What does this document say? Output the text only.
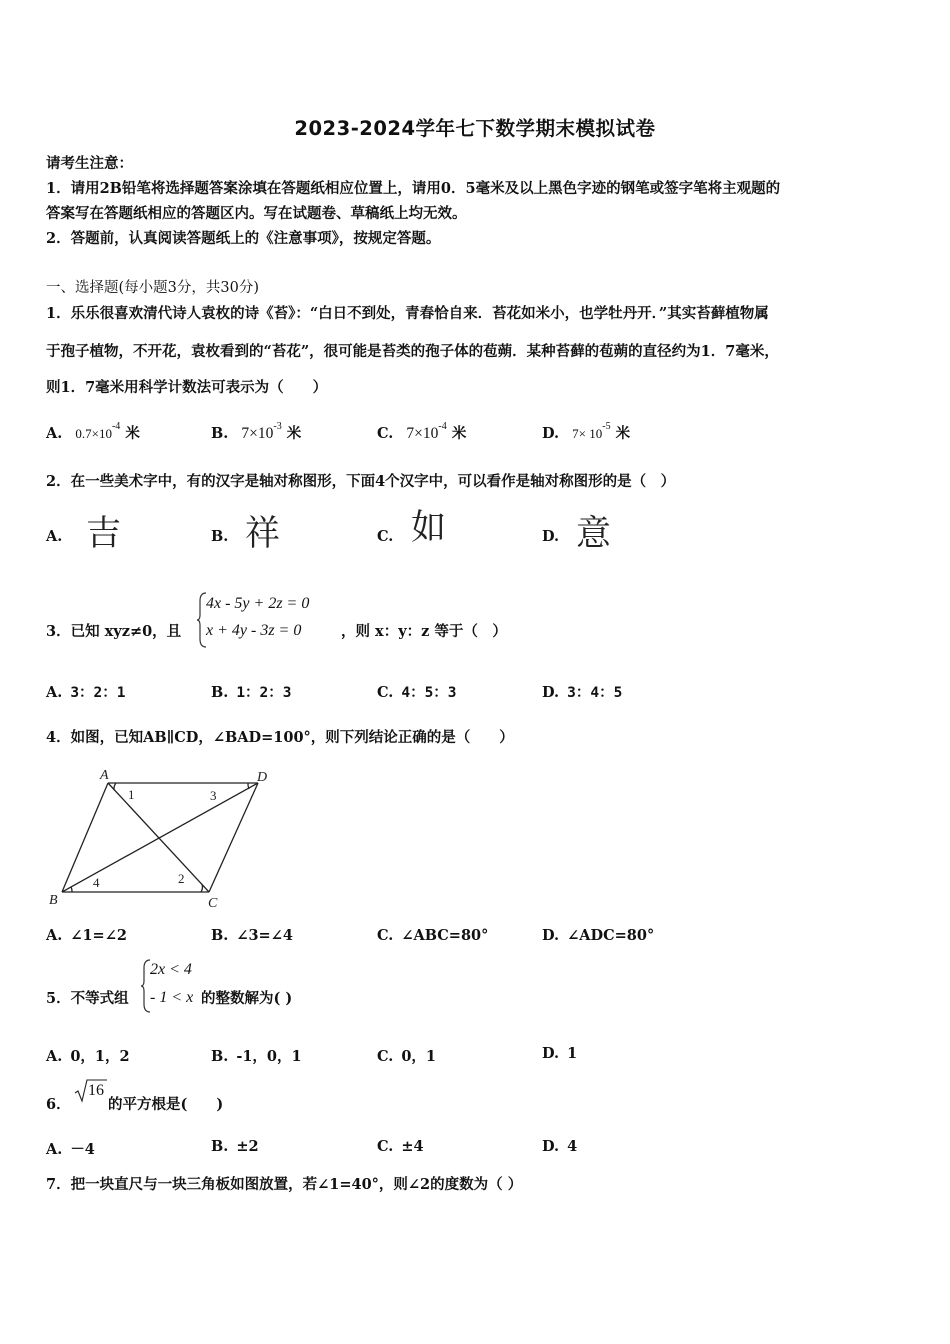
2023-2024学年七下数学期末模拟试卷
请考生注意：
1．请用2B铅笔将选择题答案涂填在答题纸相应位置上，请用0．5毫米及以上黑色字迹的钢笔或签字笔将主观题的
答案写在答题纸相应的答题区内。写在试题卷、草稿纸上均无效。
2．答题前，认真阅读答题纸上的《注意事项》，按规定答题。
一、选择题(每小题3分，共30分)
1．乐乐很喜欢清代诗人袁枚的诗《苔》：“白日不到处，青春恰自来．苔花如米小，也学牡丹开．”其实苔藓植物属
于孢子植物，不开花，袁枚看到的“苔花”，很可能是苔类的孢子体的苞蒴．某种苔藓的苞蒴的直径约为1．7毫米，
则1．7毫米用科学计数法可表示为（　　）
A. $0.7\times 10^{-4}$ 米	B. $7\times 10^{-3}$ 米	C. $7\times 10^{-4}$ 米	D. $7\times 10^{-5}$ 米
2．在一些美术字中，有的汉字是轴对称图形，下面4个汉字中，可以看作是轴对称图形的是（　）
A. 吉	B. 祥	C. 如	D. 意
3．已知 xyz≠0，且
4x - 5y + 2z = 0
x + 4y - 3z = 0	，则 x：y：z 等于（　）
A. 3：2：1	B. 1：2：3	C. 4：5：3	D. 3：4：5
4．如图，已知AB∥CD，∠BAD=100°，则下列结论正确的是（　　）
A	D
B	C
1
2
3
4
A. ∠1=∠2	B. ∠3=∠4	C. ∠ABC=80°	D. ∠ADC=80°
5．不等式组
2x < 4
- 1 < x 的整数解为( )
A. 0，1，2	B. -1，0，1	C. 0，1	D. 1
6．
16
的平方根是(　　)
A. －4	B. ±2	C. ±4	D. 4
7．把一块直尺与一块三角板如图放置，若∠1=40°，则∠2的度数为（ ）
